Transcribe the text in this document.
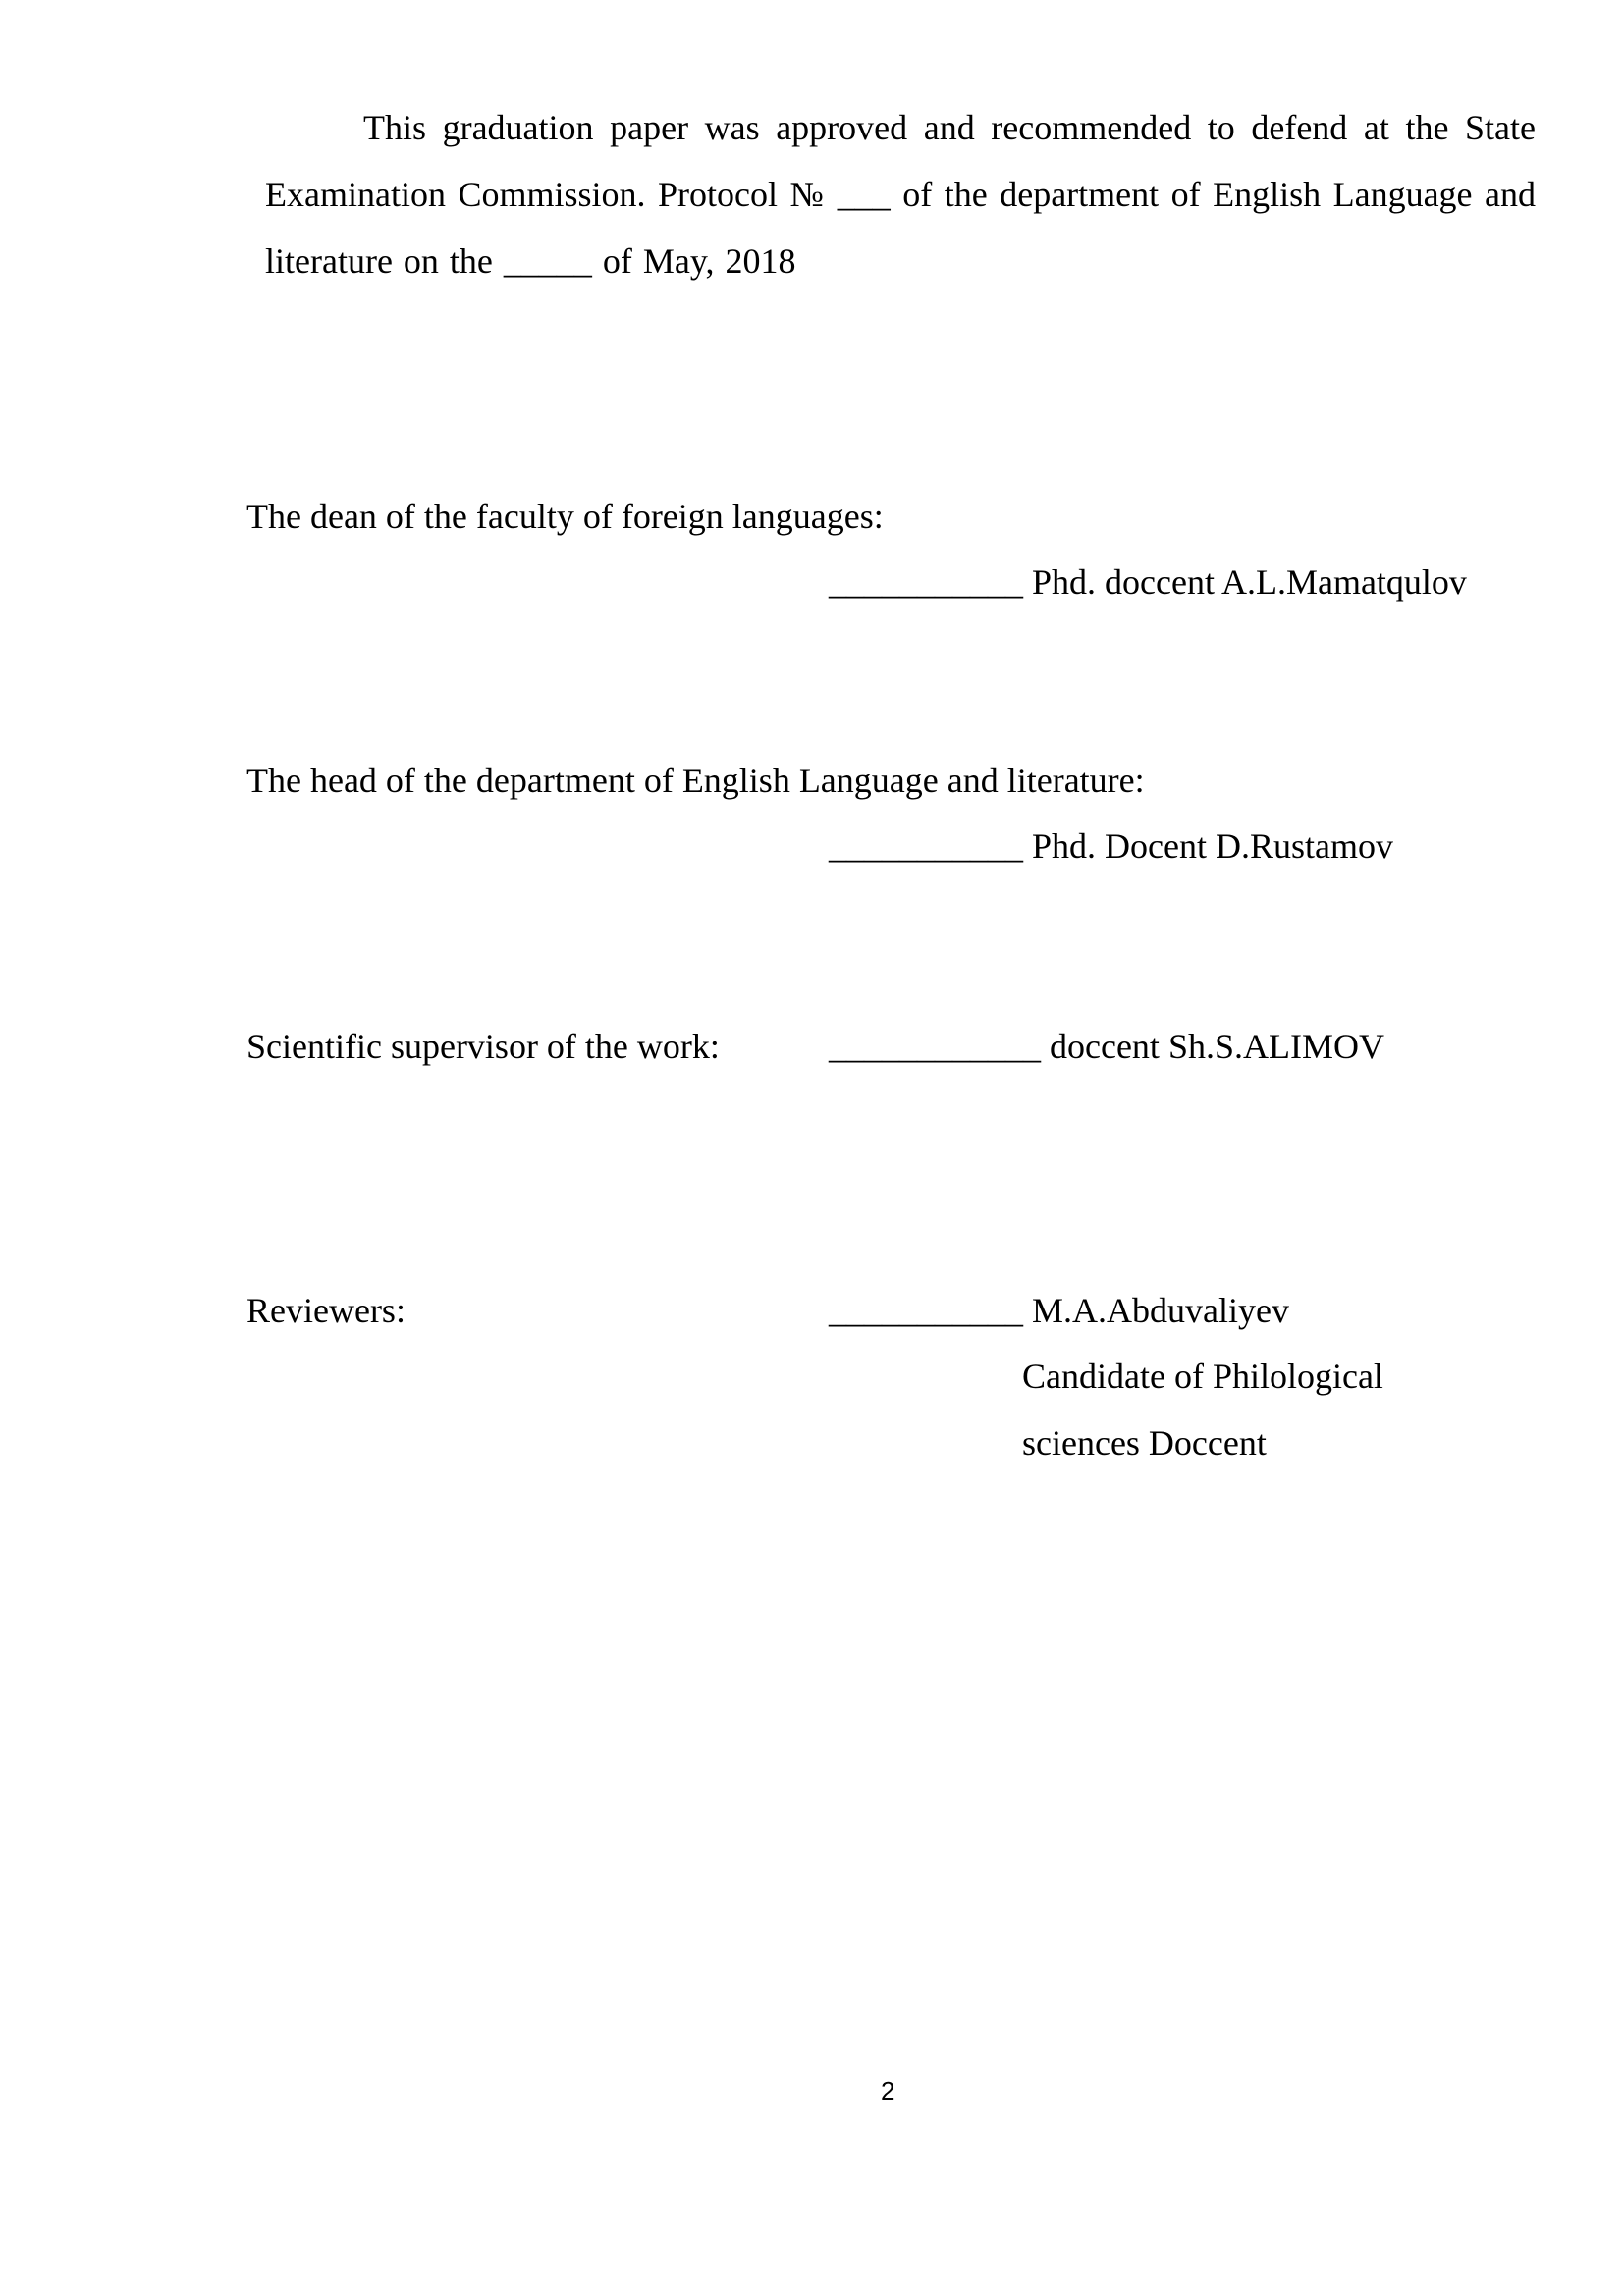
This graduation paper was approved and recommended to defend at the State Examination Commission. Protocol № ___ of the department of English Language and literature on the _____ of May, 2018

The dean of the faculty of foreign languages:
___________ Phd. doccent A.L.Mamatqulov
The head of the department of English Language and literature:
___________ Phd. Docent D.Rustamov
Scientific supervisor of the work:	____________ doccent Sh.S.ALIMOV
Reviewers:	___________ M.A.Abduvaliyev
Candidate of Philological
sciences Doccent
2
